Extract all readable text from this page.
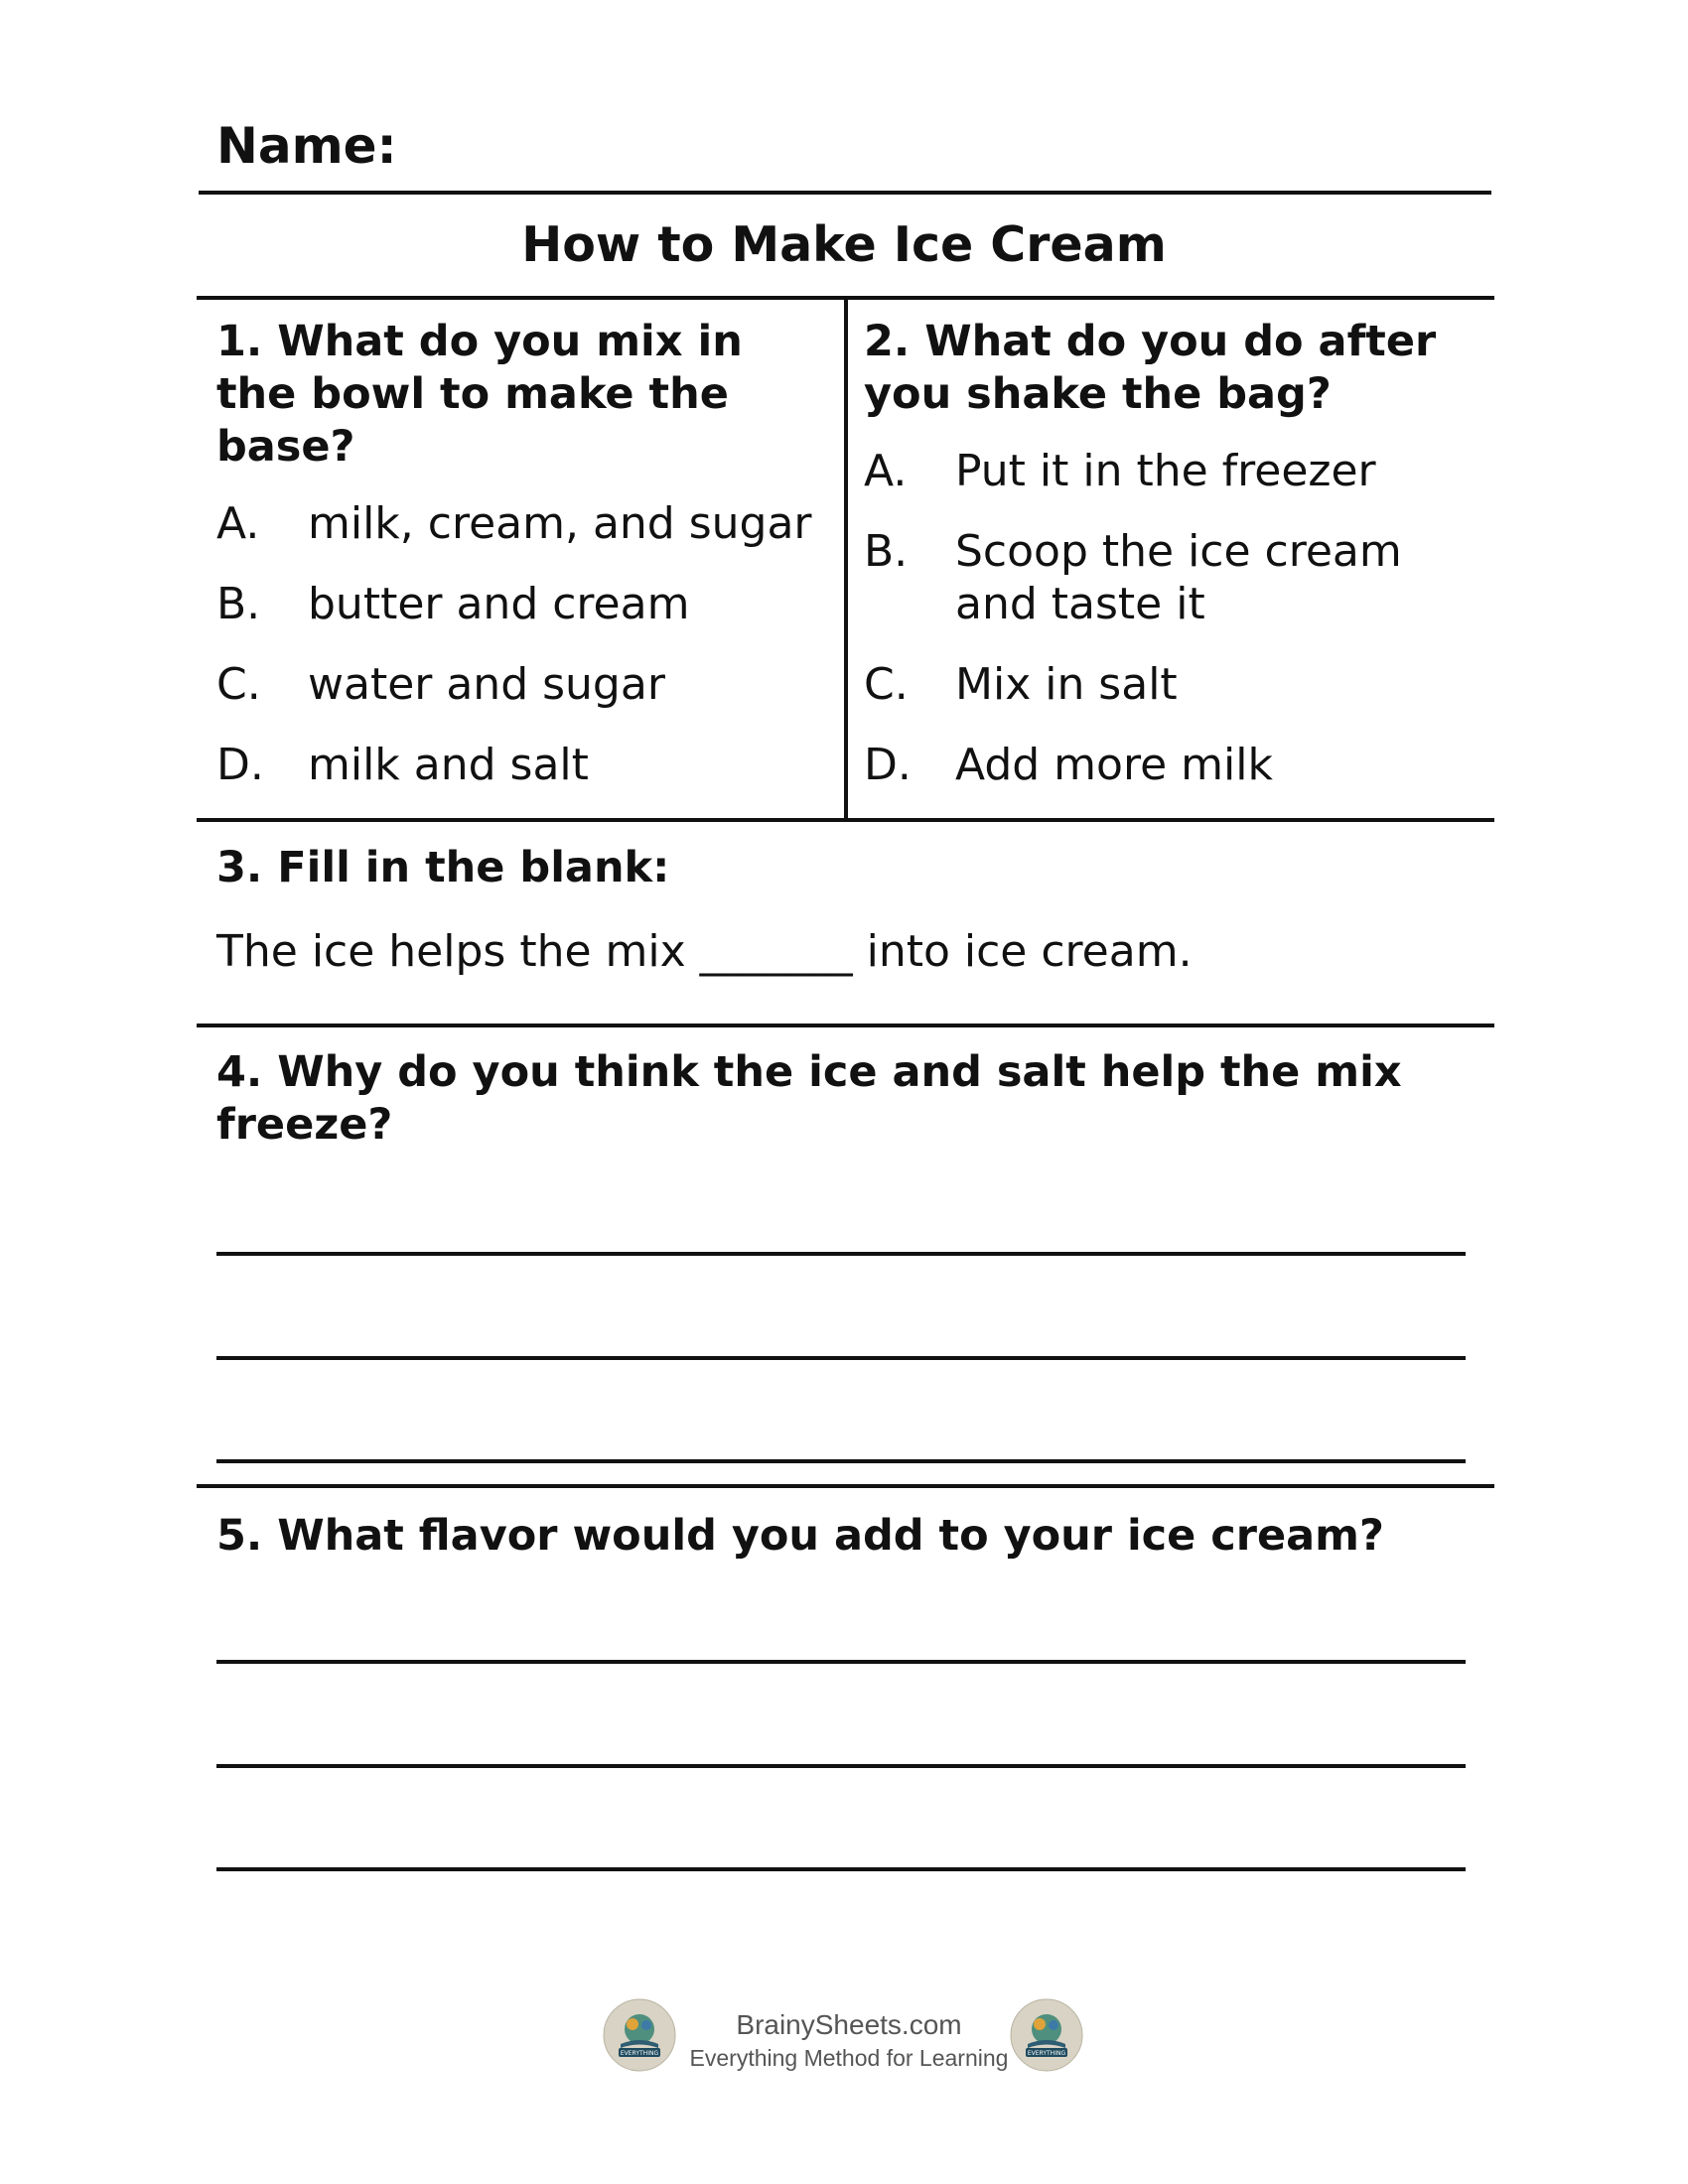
Name:
How to Make Ice Cream
1. What do you mix in the bowl to make the base?
A. milk, cream, and sugar
B. butter and cream
C. water and sugar
D. milk and salt
2. What do you do after you shake the bag?
A. Put it in the freezer
B. Scoop the ice cream and taste it
C. Mix in salt
D. Add more milk
3. Fill in the blank:
The ice helps the mix _______ into ice cream.
4. Why do you think the ice and salt help the mix freeze?
5. What flavor would you add to your ice cream?
EVERYTHING
BrainySheets.com
Everything Method for Learning	EVERYTHING
